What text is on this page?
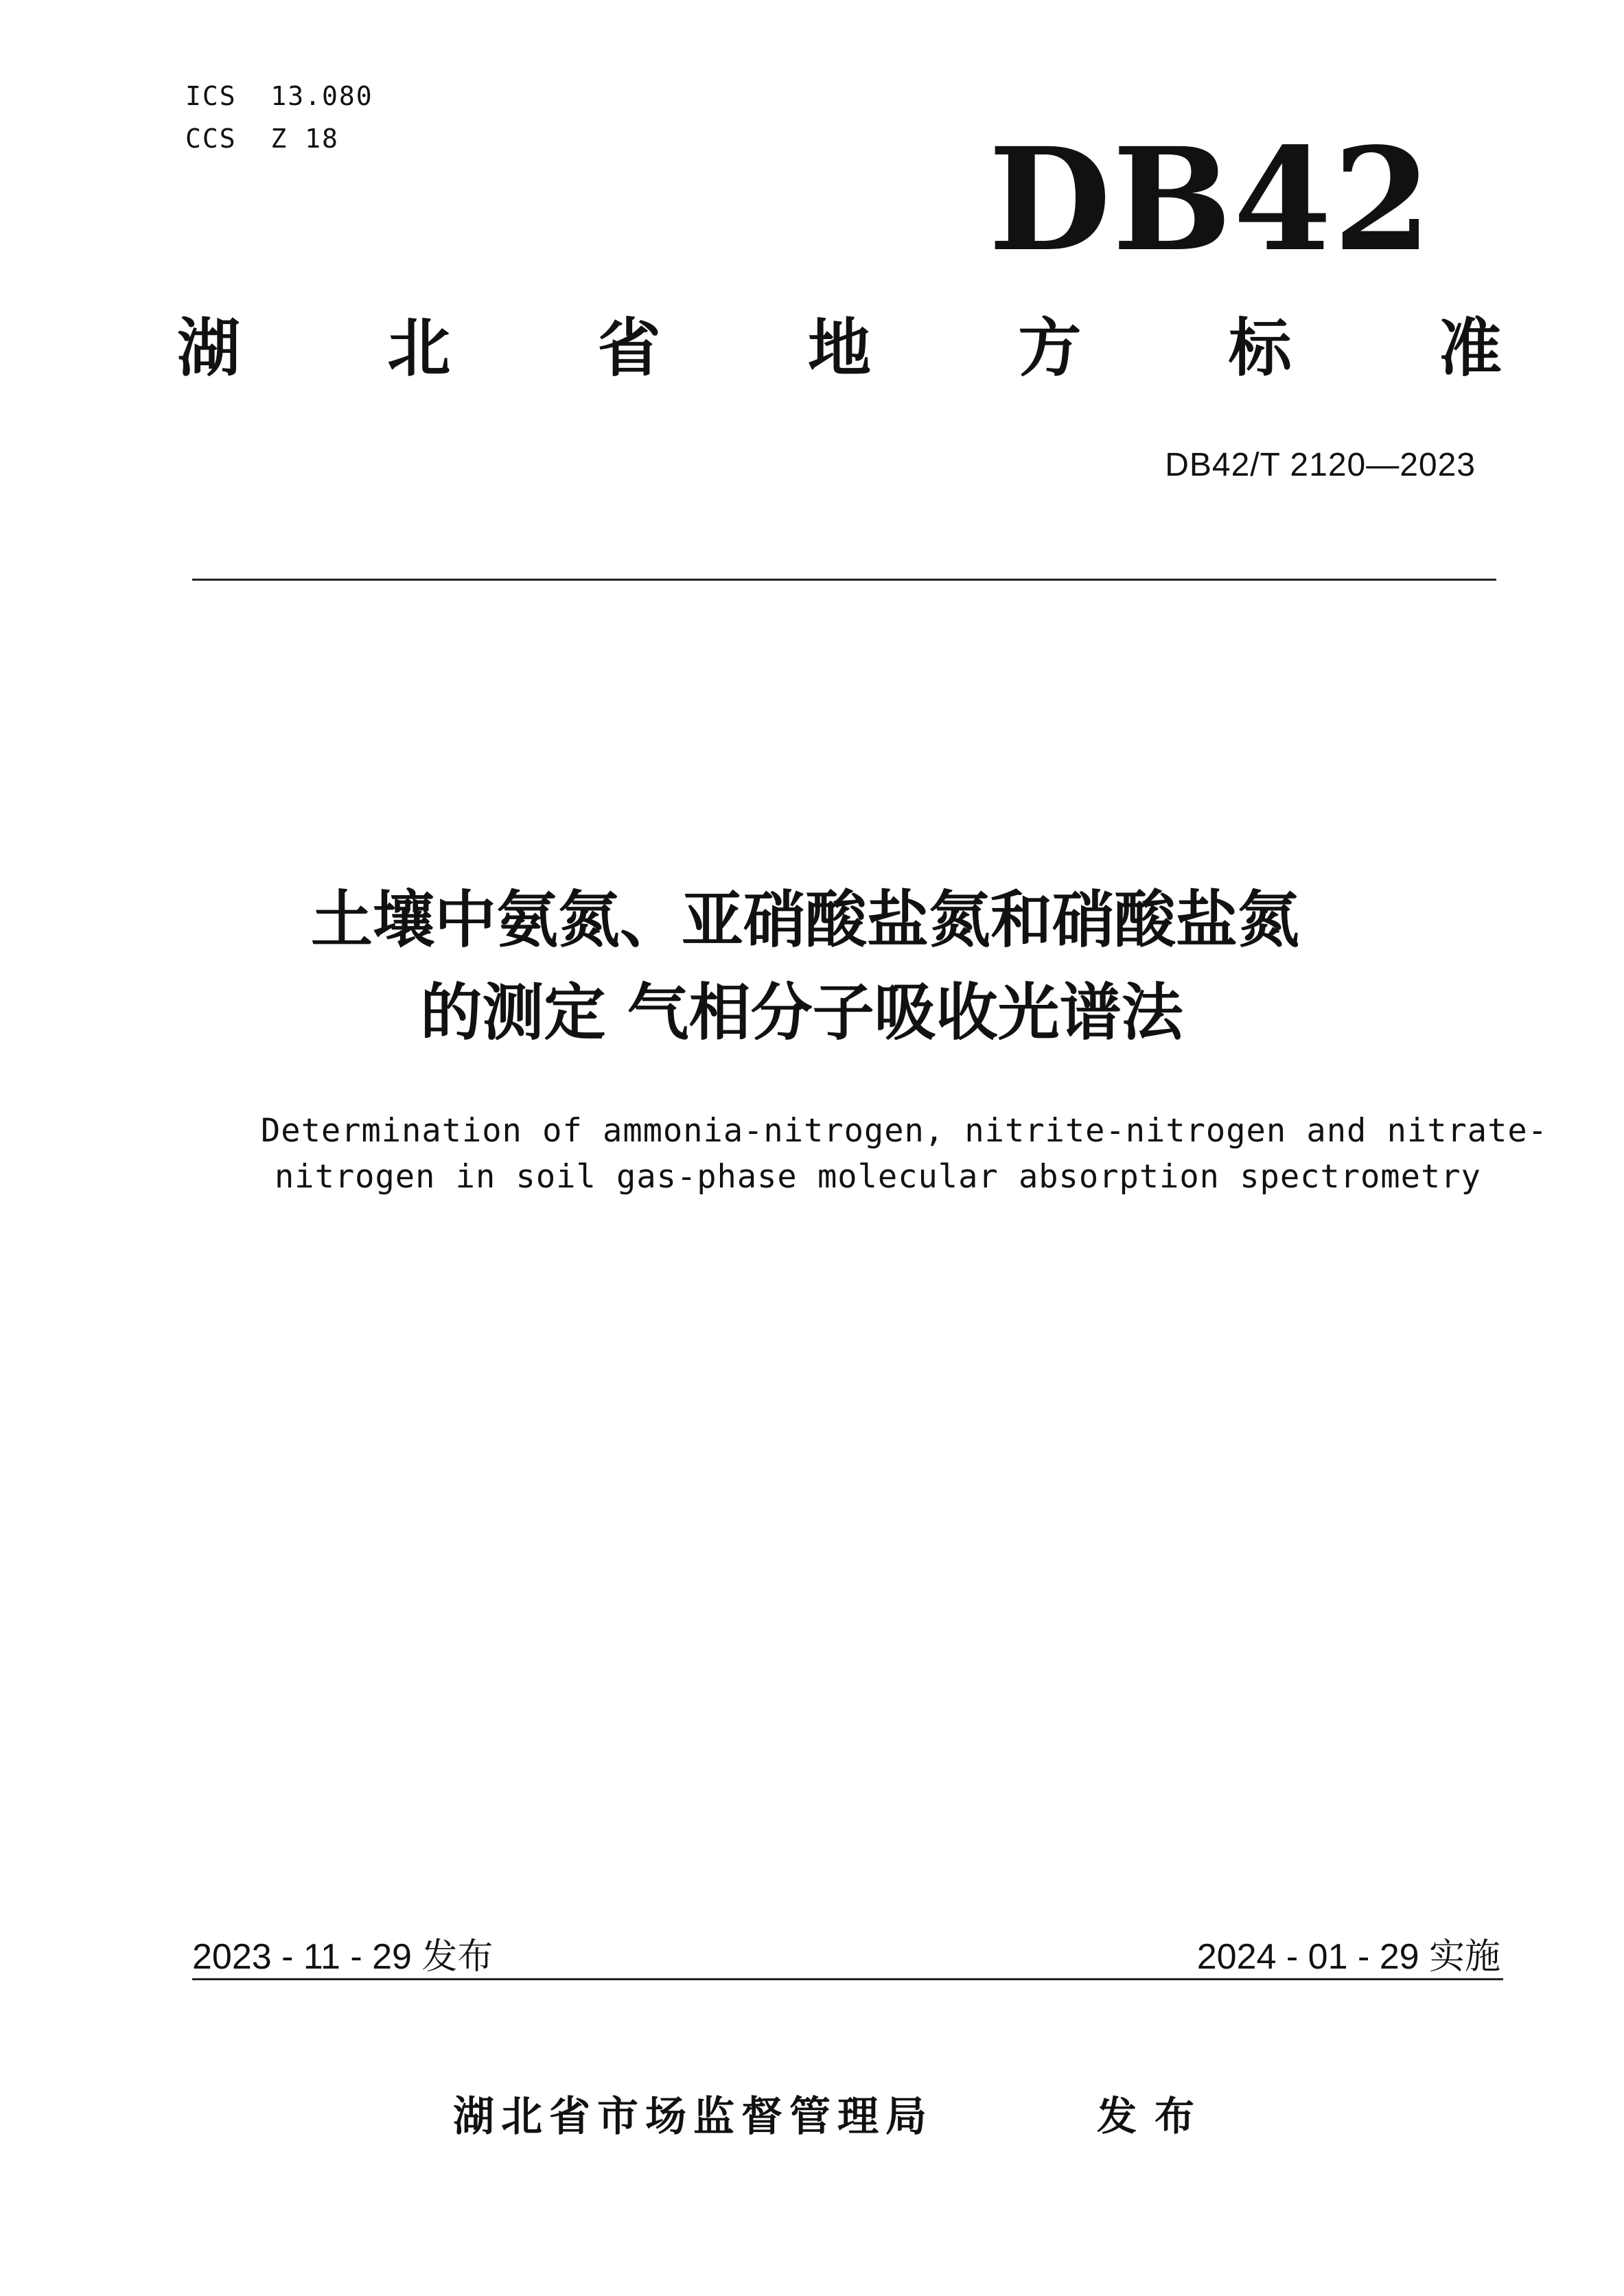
ICS  13.080
CCS  Z 18	DB42
湖 北 省 地 方 标 准
DB42/T 2120—2023
土壤中氨氮、亚硝酸盐氮和硝酸盐氮
的测定 气相分子吸收光谱法
Determination of ammonia-nitrogen, nitrite-nitrogen and nitrate-
nitrogen in soil gas-phase molecular absorption spectrometry
2023 - 11 - 29 发布	2024 - 01 - 29 实施
湖北省市场监督管理局	发布
